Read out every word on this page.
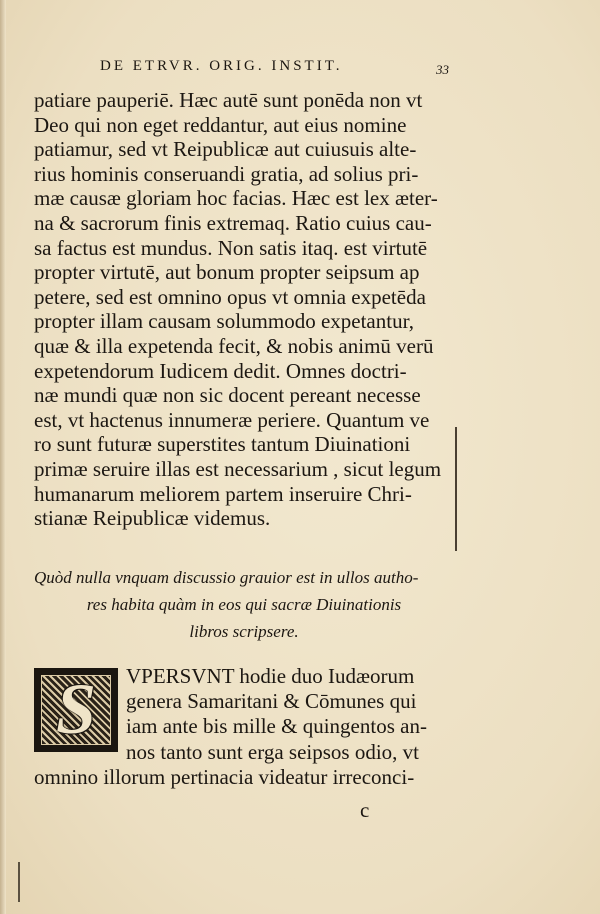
DE ETRVR. ORIG. INSTIT.	33
patiare pauperiē. Hæc autē sunt ponēda non vt
Deo qui non eget reddantur, aut eius nomine
patiamur, sed vt Reipublicæ aut cuiusuis alte-
rius hominis conseruandi gratia, ad solius pri-
mæ causæ gloriam hoc facias. Hæc est lex æter-
na & sacrorum finis extremaq. Ratio cuius cau-
sa factus est mundus. Non satis itaq. est virtutē
propter virtutē, aut bonum propter seipsum ap
petere, sed est omnino opus vt omnia expetēda
propter illam causam solummodo expetantur,
quæ & illa expetenda fecit, & nobis animū verū
expetendorum Iudicem dedit. Omnes doctri-
næ mundi quæ non sic docent pereant necesse
est, vt hactenus innumeræ periere. Quantum ve
ro sunt futuræ superstites tantum Diuinationi
primæ seruire illas est necessarium , sicut legum
humanarum meliorem partem inseruire Chri-
stianæ Reipublicæ videmus.
Quòd nulla vnquam discussio grauior est in ullos autho-
res habita quàm in eos qui sacræ Diuinationis
libros scripsere.
S	VPERSVNT hodie duo Iudæorum
genera Samaritani & Cōmunes qui
iam ante bis mille & quingentos an-
nos tanto sunt erga seipsos odio, vt
omnino illorum pertinacia videatur irreconci-
c
